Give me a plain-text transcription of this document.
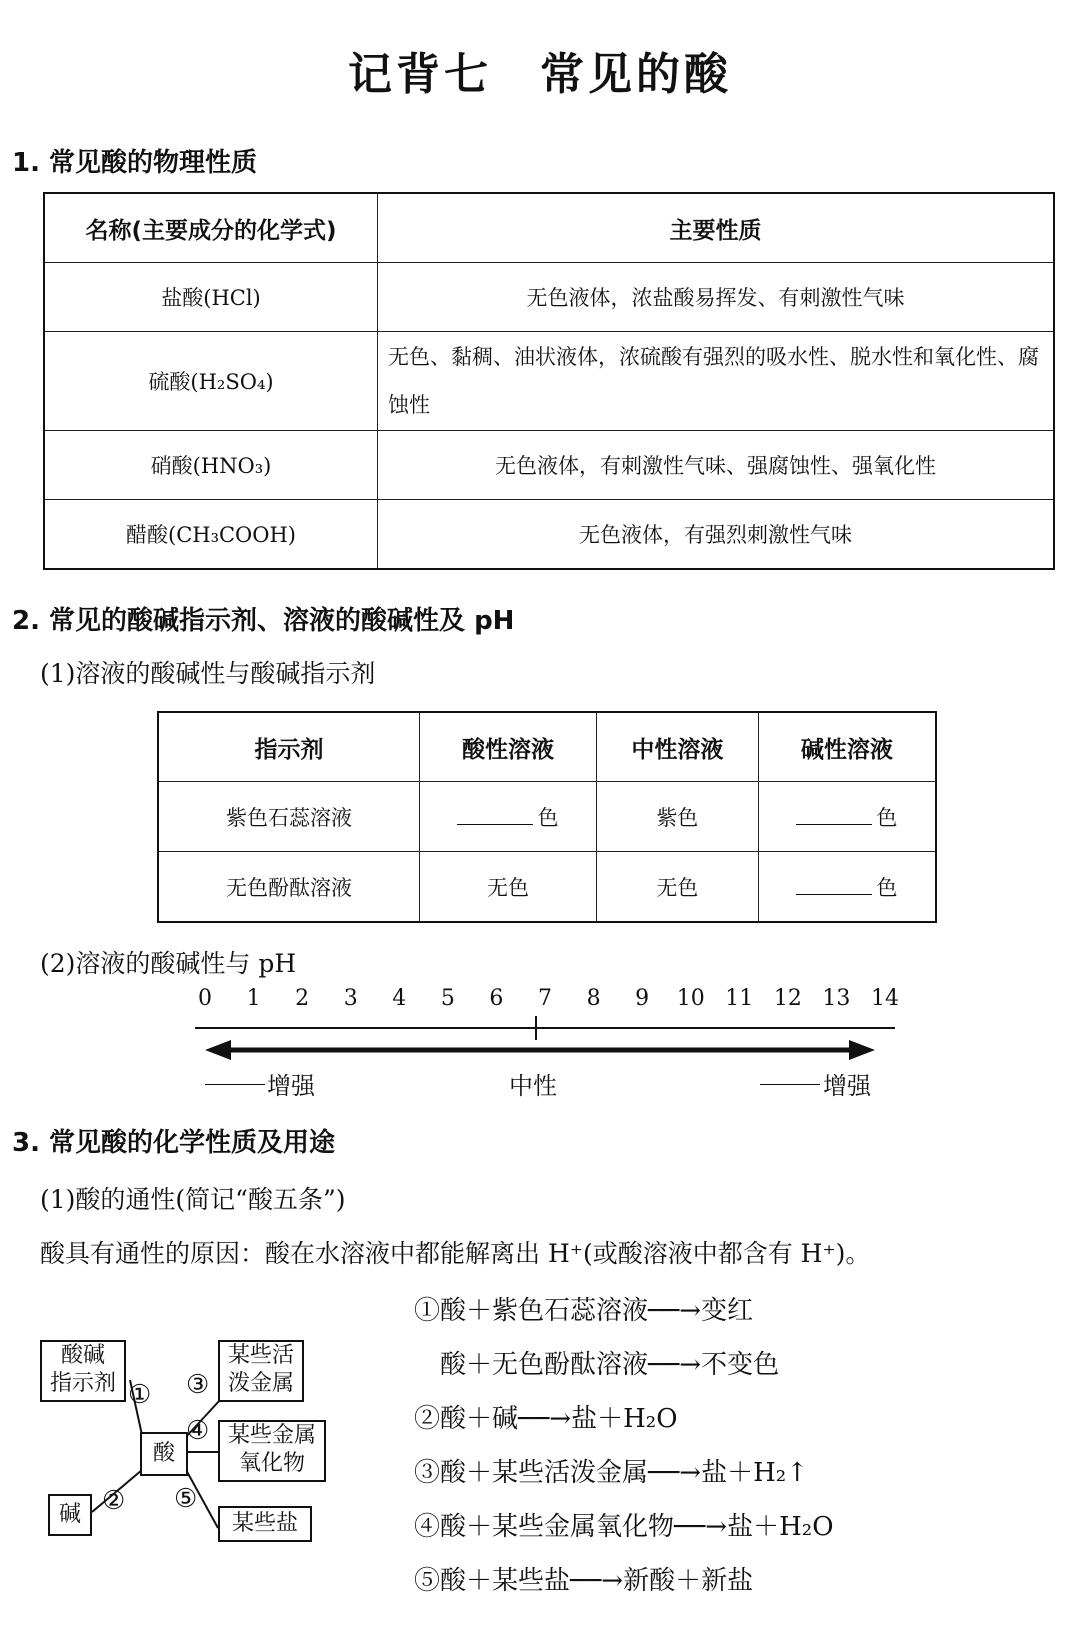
记背七　常见的酸
1. 常见酸的物理性质
名称(主要成分的化学式)	主要性质
盐酸(HCl)	无色液体，浓盐酸易挥发、有刺激性气味
硫酸(H₂SO₄)	无色、黏稠、油状液体，浓硫酸有强烈的吸水性、脱水性和氧化性、腐蚀性
硝酸(HNO₃)	无色液体，有刺激性气味、强腐蚀性、强氧化性
醋酸(CH₃COOH)	无色液体，有强烈刺激性气味
2. 常见的酸碱指示剂、溶液的酸碱性及 pH
(1)溶液的酸碱性与酸碱指示剂
指示剂	酸性溶液	中性溶液	碱性溶液
紫色石蕊溶液	色	紫色	色
无色酚酞溶液	无色	无色	色
(2)溶液的酸碱性与 pH
0	1	2	3	4	5	6	7	8	9	10 11 12 13 14
增强	中性	增强
3. 常见酸的化学性质及用途
(1)酸的通性(简记“酸五条”)
酸具有通性的原因：酸在水溶液中都能解离出 H⁺(或酸溶液中都含有 H⁺)。
酸碱
指示剂 ①
酸
某些活
泼金属
③
④ 某些金属
氧化物
⑤
某些盐
②
碱
①酸＋紫色石蕊溶液──→变红
　酸＋无色酚酞溶液──→不变色
②酸＋碱──→盐＋H₂O
③酸＋某些活泼金属──→盐＋H₂↑
④酸＋某些金属氧化物──→盐＋H₂O
⑤酸＋某些盐──→新酸＋新盐
